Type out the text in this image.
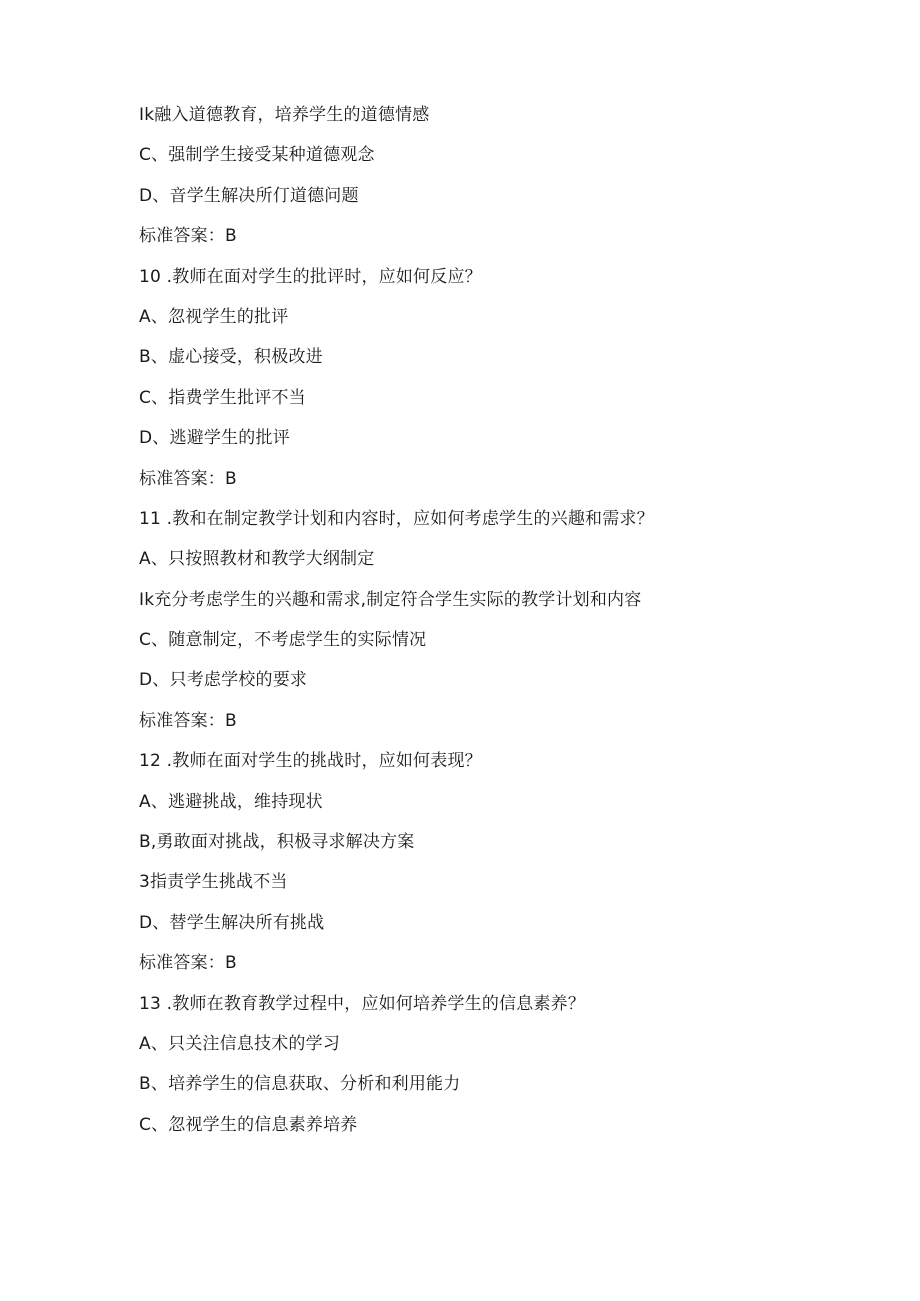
Ik融入道德教育，培养学生的道德情感
C、强制学生接受某种道德观念
D、音学生解决所仃道德问题
标准答案：B
10 .教师在面对学生的批评时，应如何反应？
A、忽视学生的批评
B、虚心接受，积极改进
C、指费学生批评不当
D、逃避学生的批评
标准答案：B
11 .教和在制定教学计划和内容时，应如何考虑学生的兴趣和需求？
A、只按照教材和教学大纲制定
Ik充分考虑学生的兴趣和需求,制定符合学生实际的教学计划和内容
C、随意制定，不考虑学生的实际情况
D、只考虑学校的要求
标准答案：B
12 .教师在面对学生的挑战时，应如何表现？
A、逃避挑战，维持现状
B,勇敢面对挑战，积极寻求解决方案
3指责学生挑战不当
D、替学生解决所有挑战
标准答案：B
13 .教师在教育教学过程中，应如何培养学生的信息素养？
A、只关注信息技术的学习
B、培养学生的信息获取、分析和利用能力
C、忽视学生的信息素养培养
